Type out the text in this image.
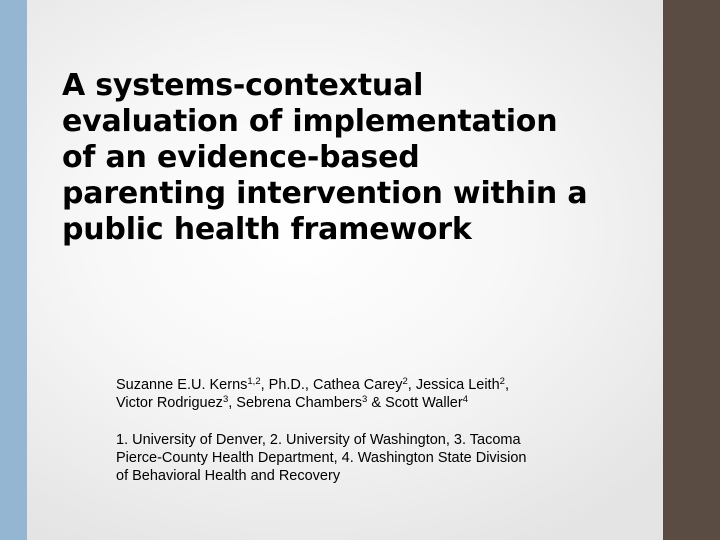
A systems-contextual
evaluation of implementation
of an evidence-based
parenting intervention within a
public health framework

Suzanne E.U. Kerns$^{1,2}$, Ph.D., Cathea Carey$^2$, Jessica Leith$^2$,
Victor Rodriguez$^3$, Sebrena Chambers$^3$ & Scott Waller$^4$

1. University of Denver, 2. University of Washington, 3. Tacoma
Pierce-County Health Department, 4. Washington State Division
of Behavioral Health and Recovery
